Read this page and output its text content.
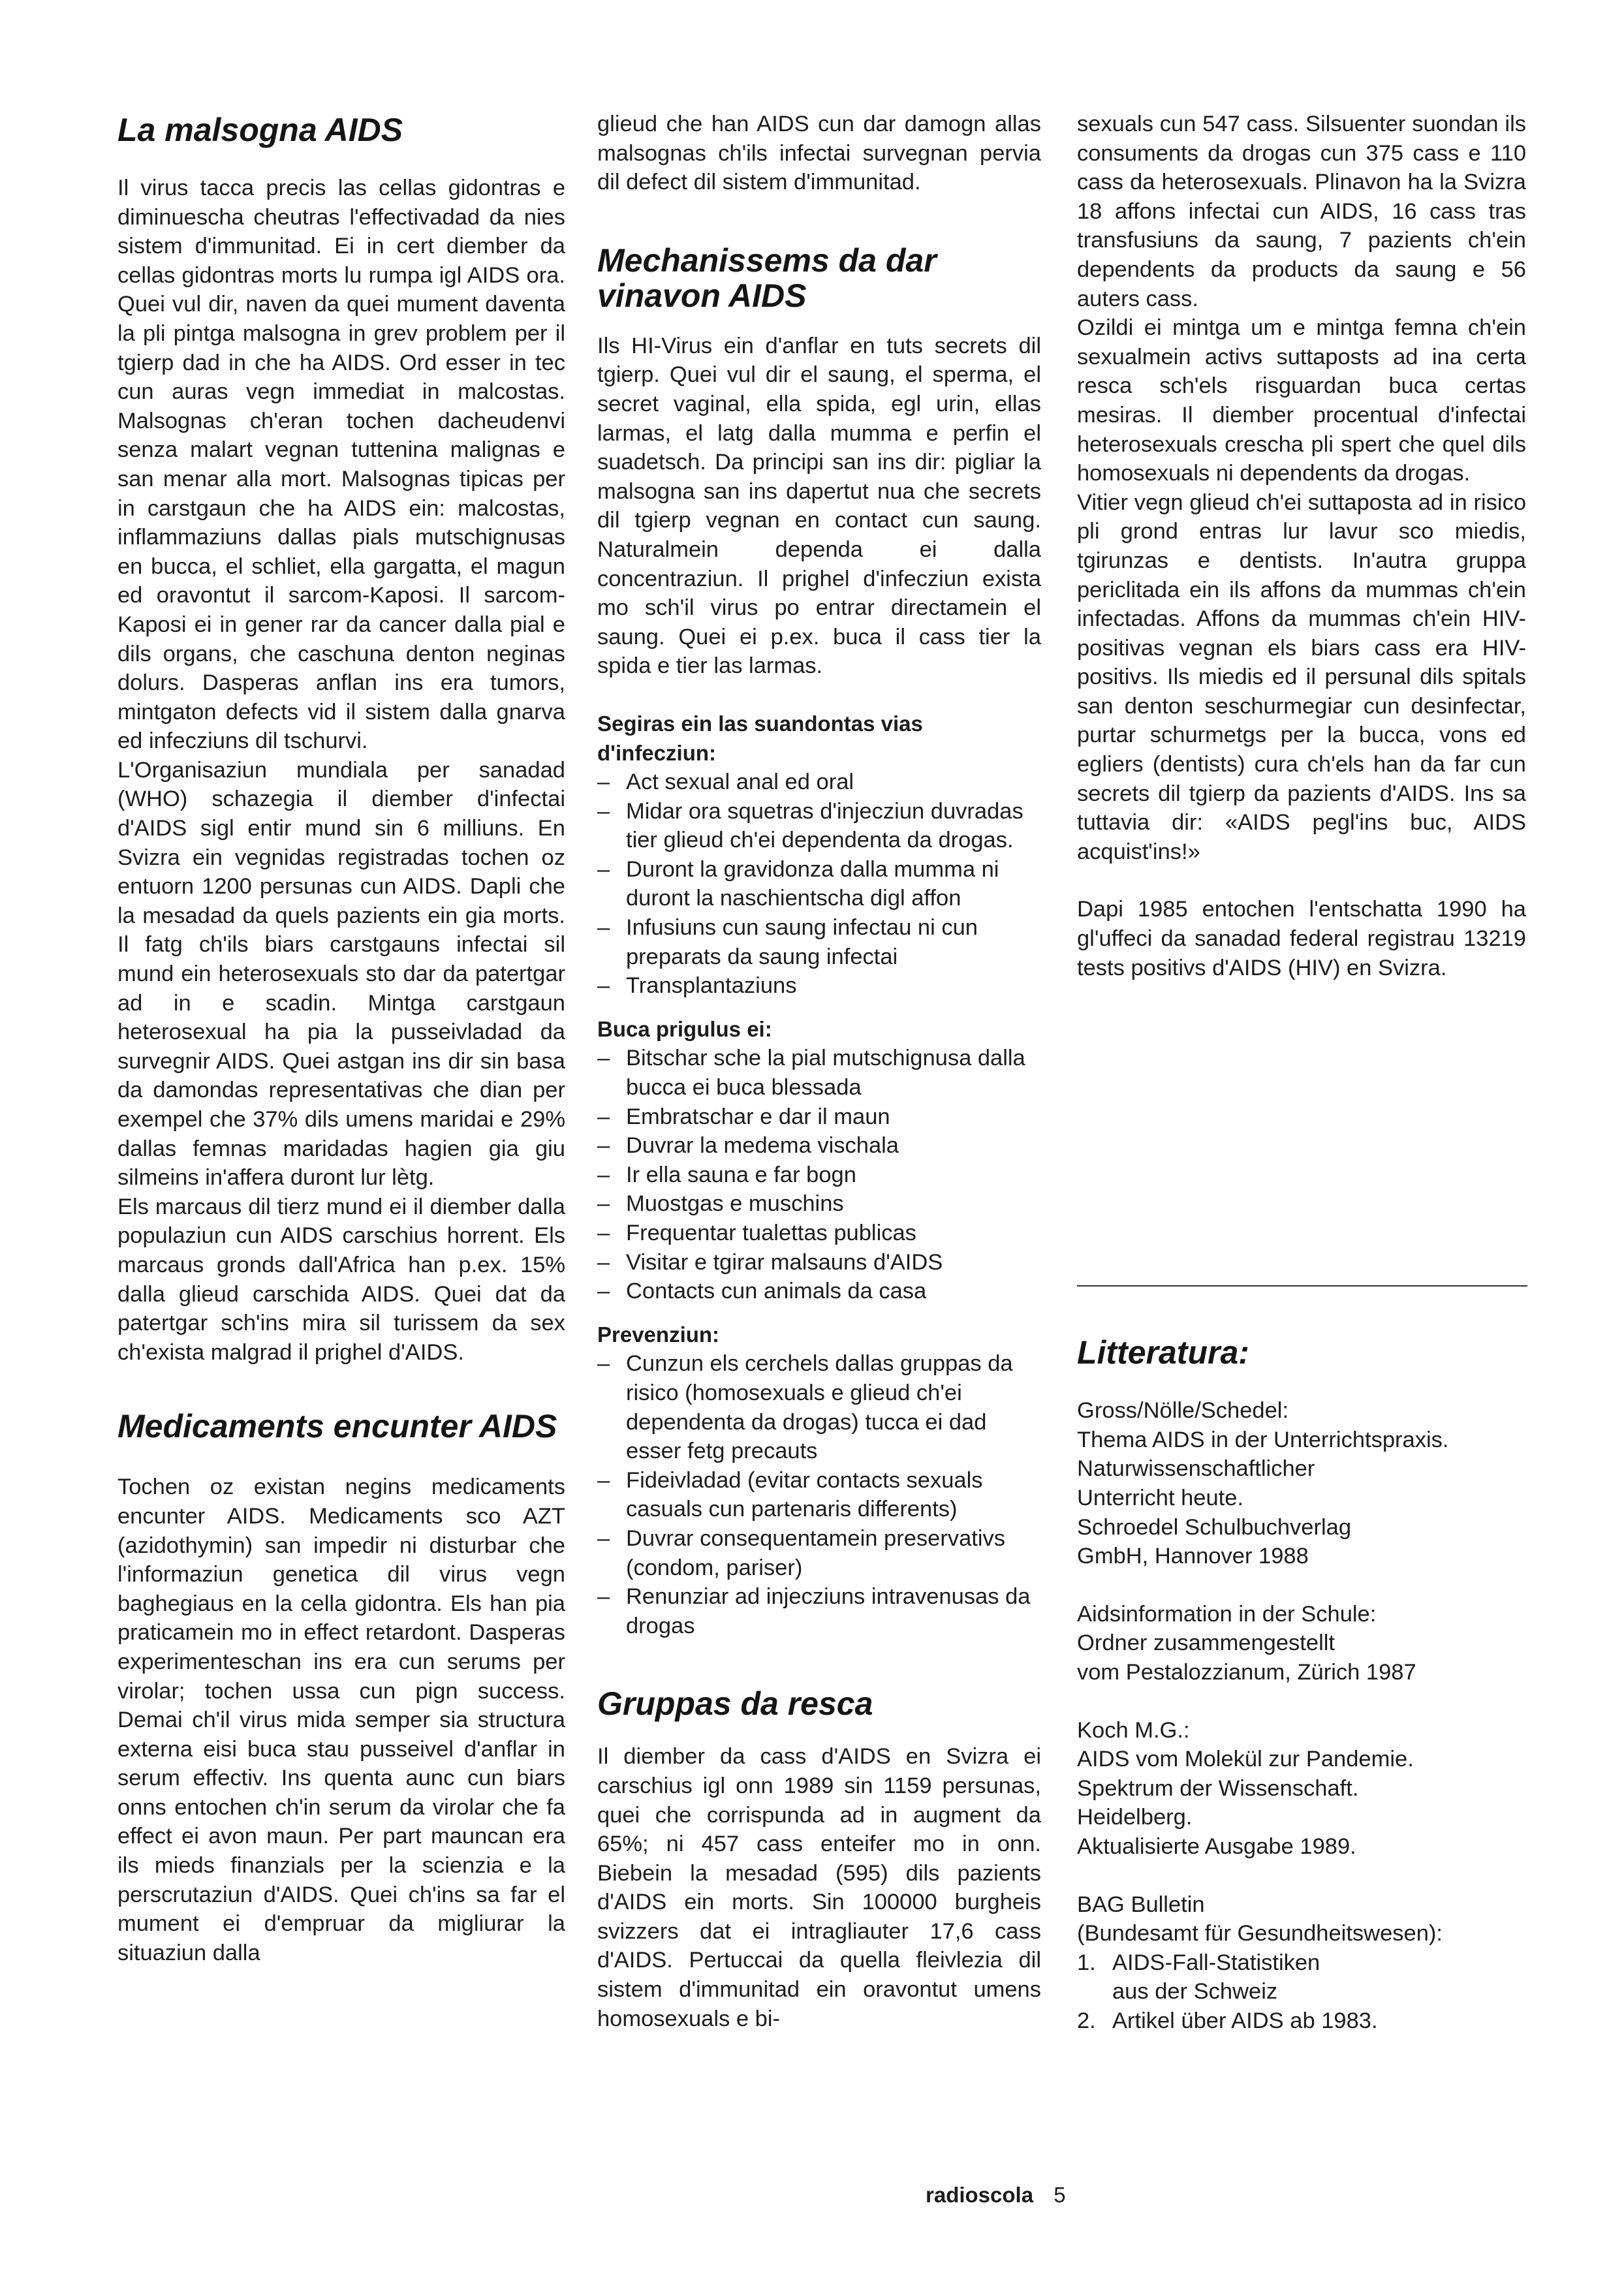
La malsogna AIDS

Il virus tacca precis las cellas gidontras e diminuescha cheutras l'effectivadad da nies sistem d'immunitad. Ei in cert diember da cellas gidontras morts lu rumpa igl AIDS ora. Quei vul dir, naven da quei mument daventa la pli pintga malsogna in grev problem per il tgierp dad in che ha AIDS. Ord esser in tec cun auras vegn immediat in malcostas. Malsognas ch'eran tochen dacheudenvi senza malart vegnan tuttenina malignas e san menar alla mort. Malsognas tipicas per in carstgaun che ha AIDS ein: malcostas, inflammaziuns dallas pials mutschignusas en bucca, el schliet, ella gargatta, el magun ed oravontut il sarcom-Kaposi. Il sarcom-Kaposi ei in gener rar da cancer dalla pial e dils organs, che caschuna denton neginas dolurs. Dasperas anflan ins era tumors, mintgaton defects vid il sistem dalla gnarva ed infecziuns dil tschurvi.

L'Organisaziun mundiala per sanadad (WHO) schazegia il diember d'infectai d'AIDS sigl entir mund sin 6 milliuns. En Svizra ein vegnidas registradas tochen oz entuorn 1200 persunas cun AIDS. Dapli che la mesadad da quels pazients ein gia morts. Il fatg ch'ils biars carstgauns infectai sil mund ein heterosexuals sto dar da patertgar ad in e scadin. Mintga carstgaun heterosexual ha pia la pusseivladad da survegnir AIDS. Quei astgan ins dir sin basa da damondas representativas che dian per exempel che 37% dils umens maridai e 29% dallas femnas maridadas hagien gia giu silmeins in'affera duront lur lètg.

Els marcaus dil tierz mund ei il diember dalla populaziun cun AIDS carschius horrent. Els marcaus gronds dall'Africa han p.ex. 15% dalla glieud carschida AIDS. Quei dat da patertgar sch'ins mira sil turissem da sex ch'exista malgrad il prighel d'AIDS.

Medicaments encunter AIDS

Tochen oz existan negins medicaments encunter AIDS. Medicaments sco AZT (azidothymin) san impedir ni disturbar che l'informaziun genetica dil virus vegn baghegiaus en la cella gidontra. Els han pia praticamein mo in effect retardont. Dasperas experimenteschan ins era cun serums per virolar; tochen ussa cun pign success. Demai ch'il virus mida semper sia structura externa eisi buca stau pusseivel d'anflar in serum effectiv. Ins quenta aunc cun biars onns entochen ch'in serum da virolar che fa effect ei avon maun. Per part mauncan era ils mieds finanzials per la scienzia e la perscrutaziun d'AIDS. Quei ch'ins sa far el mument ei d'empruar da migliurar la situaziun dalla

glieud che han AIDS cun dar damogn allas malsognas ch'ils infectai survegnan pervia dil defect dil sistem d'immunitad.

Mechanissems da dar vinavon AIDS

Ils HI-Virus ein d'anflar en tuts secrets dil tgierp. Quei vul dir el saung, el sperma, el secret vaginal, ella spida, egl urin, ellas larmas, el latg dalla mumma e perfin el suadetsch. Da principi san ins dir: pigliar la malsogna san ins dapertut nua che secrets dil tgierp vegnan en contact cun saung. Naturalmein dependa ei dalla concentraziun. Il prighel d'infecziun exista mo sch'il virus po entrar directamein el saung. Quei ei p.ex. buca il cass tier la spida e tier las larmas.

Segiras ein las suandontas vias d'infecziun:
– Act sexual anal ed oral
– Midar ora squetras d'injecziun duvradas tier glieud ch'ei dependenta da drogas.
– Duront la gravidonza dalla mumma ni duront la naschientscha digl affon
– Infusiuns cun saung infectau ni cun preparats da saung infectai
– Transplantaziuns
Buca prigulus ei:
– Bitschar sche la pial mutschignusa dalla bucca ei buca blessada
– Embratschar e dar il maun
– Duvrar la medema vischala
– Ir ella sauna e far bogn
– Muostgas e muschins
– Frequentar tualettas publicas
– Visitar e tgirar malsauns d'AIDS
– Contacts cun animals da casa
Prevenziun:
– Cunzun els cerchels dallas gruppas da risico (homosexuals e glieud ch'ei dependenta da drogas) tucca ei dad esser fetg precauts
– Fideivladad (evitar contacts sexuals casuals cun partenaris differents)
– Duvrar consequentamein preservativs (condom, pariser)
– Renunziar ad injecziuns intravenusas da drogas
Gruppas da resca

Il diember da cass d'AIDS en Svizra ei carschius igl onn 1989 sin 1159 persunas, quei che corrispunda ad in augment da 65%; ni 457 cass enteifer mo in onn. Biebein la mesadad (595) dils pazients d'AIDS ein morts. Sin 100000 burgheis svizzers dat ei intragliauter 17,6 cass d'AIDS. Pertuccai da quella fleivlezia dil sistem d'immunitad ein oravontut umens homosexuals e bi-

sexuals cun 547 cass. Silsuenter suondan ils consuments da drogas cun 375 cass e 110 cass da heterosexuals. Plinavon ha la Svizra 18 affons infectai cun AIDS, 16 cass tras transfusiuns da saung, 7 pazients ch'ein dependents da products da saung e 56 auters cass.

Ozildi ei mintga um e mintga femna ch'ein sexualmein activs suttaposts ad ina certa resca sch'els risguardan buca certas mesiras. Il diember procentual d'infectai heterosexuals crescha pli spert che quel dils homosexuals ni dependents da drogas.

Vitier vegn glieud ch'ei suttaposta ad in risico pli grond entras lur lavur sco miedis, tgirunzas e dentists. In'autra gruppa periclitada ein ils affons da mummas ch'ein infectadas. Affons da mummas ch'ein HIV-positivas vegnan els biars cass era HIV-positivs. Ils miedis ed il persunal dils spitals san denton seschurmegiar cun desinfectar, purtar schurmetgs per la bucca, vons ed egliers (dentists) cura ch'els han da far cun secrets dil tgierp da pazients d'AIDS. Ins sa tuttavia dir: «AIDS pegl'ins buc, AIDS acquist'ins!»

Dapi 1985 entochen l'entschatta 1990 ha gl'uffeci da sanadad federal registrau 13219 tests positivs d'AIDS (HIV) en Svizra.

Litteratura:

Gross/Nölle/Schedel:

Thema AIDS in der Unterrichtspraxis.

Naturwissenschaftlicher

Unterricht heute.

Schroedel Schulbuchverlag

GmbH, Hannover 1988

Aidsinformation in der Schule:

Ordner zusammengestellt

vom Pestalozzianum, Zürich 1987

Koch M.G.:

AIDS vom Molekül zur Pandemie.

Spektrum der Wissenschaft.

Heidelberg.

Aktualisierte Ausgabe 1989.

BAG Bulletin

(Bundesamt für Gesundheitswesen):

1. AIDS-Fall-Statistiken

aus der Schweiz

2. Artikel über AIDS ab 1983.

radioscola 5
